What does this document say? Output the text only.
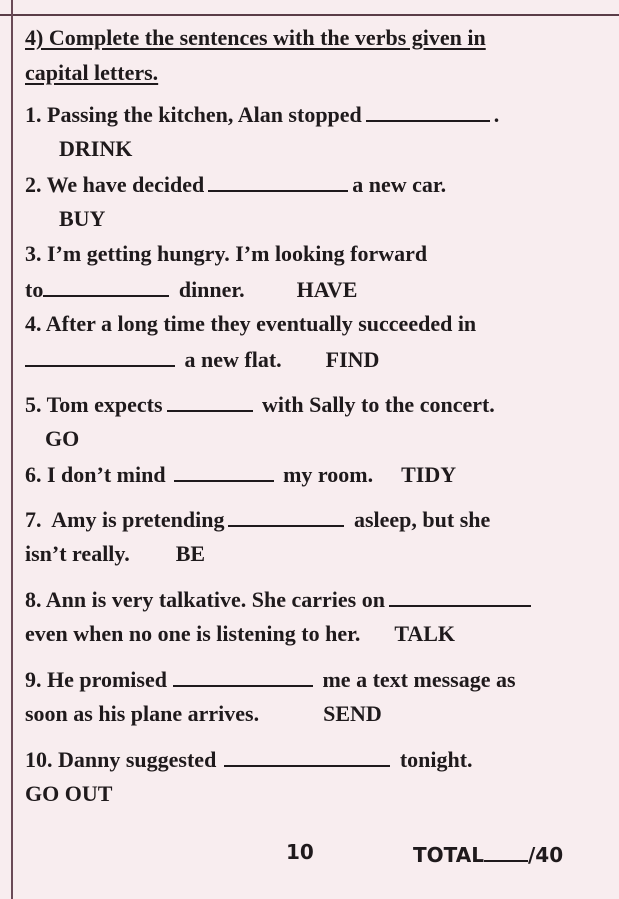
4) Complete the sentences with the verbs given in
capital letters.
1. Passing the kitchen, Alan stopped	.
DRINK
2. We have decided	a new car.
BUY
3. I’m getting hungry. I’m looking forward
to	dinner. HAVE
4. After a long time they eventually succeeded in
a new flat. FIND
5. Tom expects	with Sally to the concert.
GO
6. I don’t mind	my room. TIDY
7. Amy is pretending	asleep, but she
isn’t really. BE
8. Ann is very talkative. She carries on
even when no one is listening to her. TALK
9. He promised	me a text message as
soon as his plane arrives.	SEND
10. Danny suggested	tonight.
GO OUT
10	TOTAL /40
